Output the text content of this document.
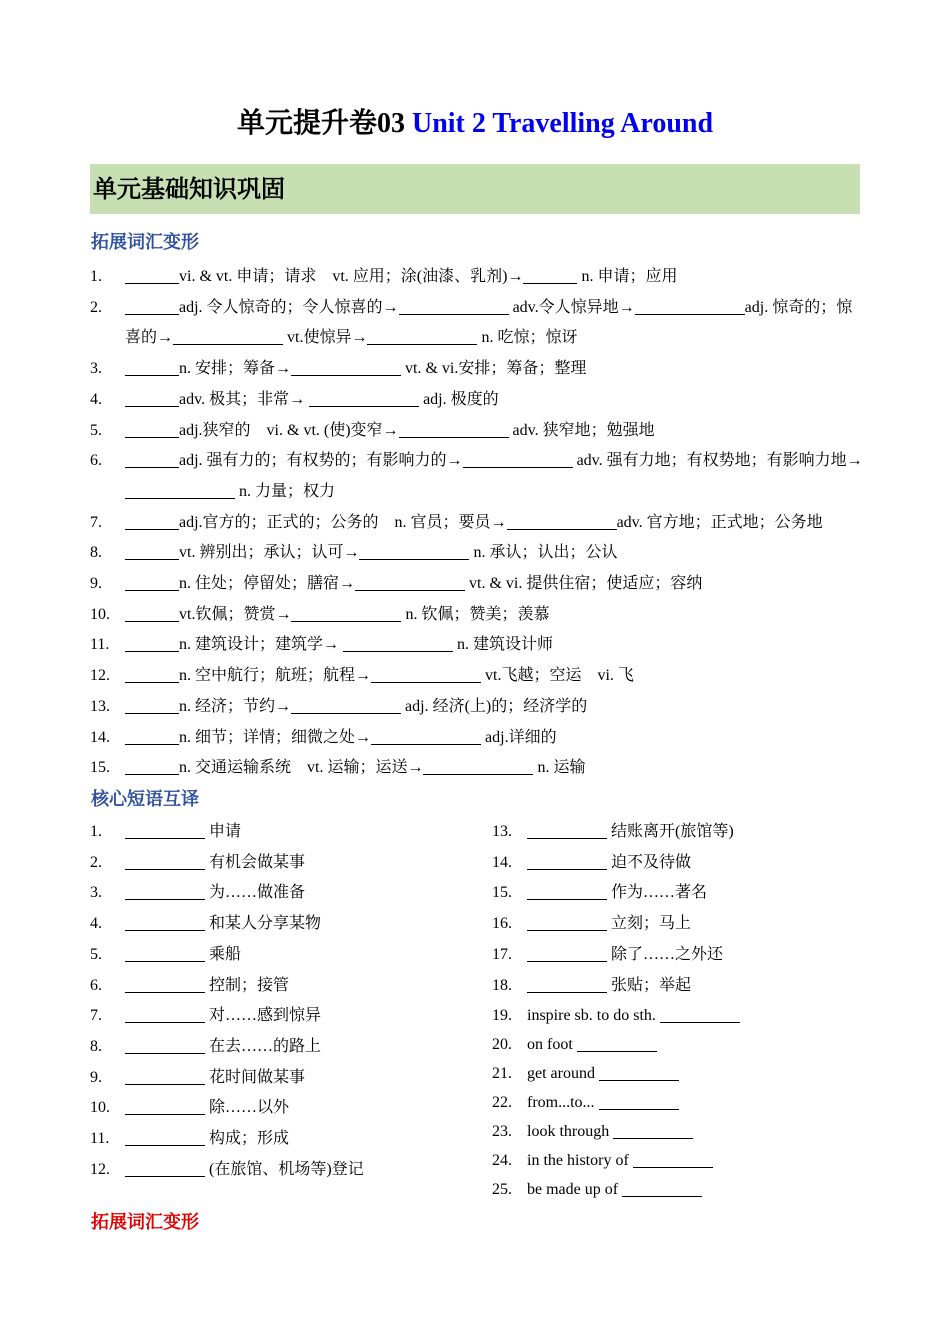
单元提升卷03 Unit 2 Travelling Around
单元基础知识巩固
拓展词汇变形
1.	vi. & vt. 申请；请求　vt. 应用；涂(油漆、乳剂)→	n. 申请；应用
2.	adj. 令人惊奇的；令人惊喜的→	adv.令人惊异地→	adj. 惊奇的；惊喜的→	vt.使惊异→	n. 吃惊；惊讶
3.	n. 安排；筹备→	vt. & vi.安排；筹备；整理
4.	adv. 极其；非常→	adj. 极度的
5.	adj.狭窄的　vi. & vt. (使)变窄→	adv. 狭窄地；勉强地
6.	adj. 强有力的；有权势的；有影响力的→	adv. 强有力地；有权势地；有影响力地→ n. 力量；权力
7.	adj.官方的；正式的；公务的　n. 官员；要员→	adv. 官方地；正式地；公务地
8.	vt. 辨别出；承认；认可→	n. 承认；认出；公认
9.	n. 住处；停留处；膳宿→	vt. & vi. 提供住宿；使适应；容纳
10.	vt.钦佩；赞赏→	n. 钦佩；赞美；羡慕
11.	n. 建筑设计；建筑学→	n. 建筑设计师
12.	n. 空中航行；航班；航程→	vt.飞越；空运　vi. 飞
13.	n. 经济；节约→	adj. 经济(上)的；经济学的
14.	n. 细节；详情；细微之处→	adj.详细的
15.	n. 交通运输系统　vt. 运输；运送→	n. 运输
核心短语互译
1.	申请
2.	有机会做某事
3.	为……做准备
4.	和某人分享某物
5.	乘船
6.	控制；接管
7.	对……感到惊异
8.	在去……的路上
9.	花时间做某事
10.	除……以外
11.	构成；形成
12.	(在旅馆、机场等)登记
13.	结账离开(旅馆等)
14.	迫不及待做
15.	作为……著名
16.	立刻；马上
17.	除了……之外还
18.	张贴；举起
19. inspire sb. to do sth.
20. on foot
21. get around
22. from...to...
23. look through
24. in the history of
25. be made up of
拓展词汇变形
